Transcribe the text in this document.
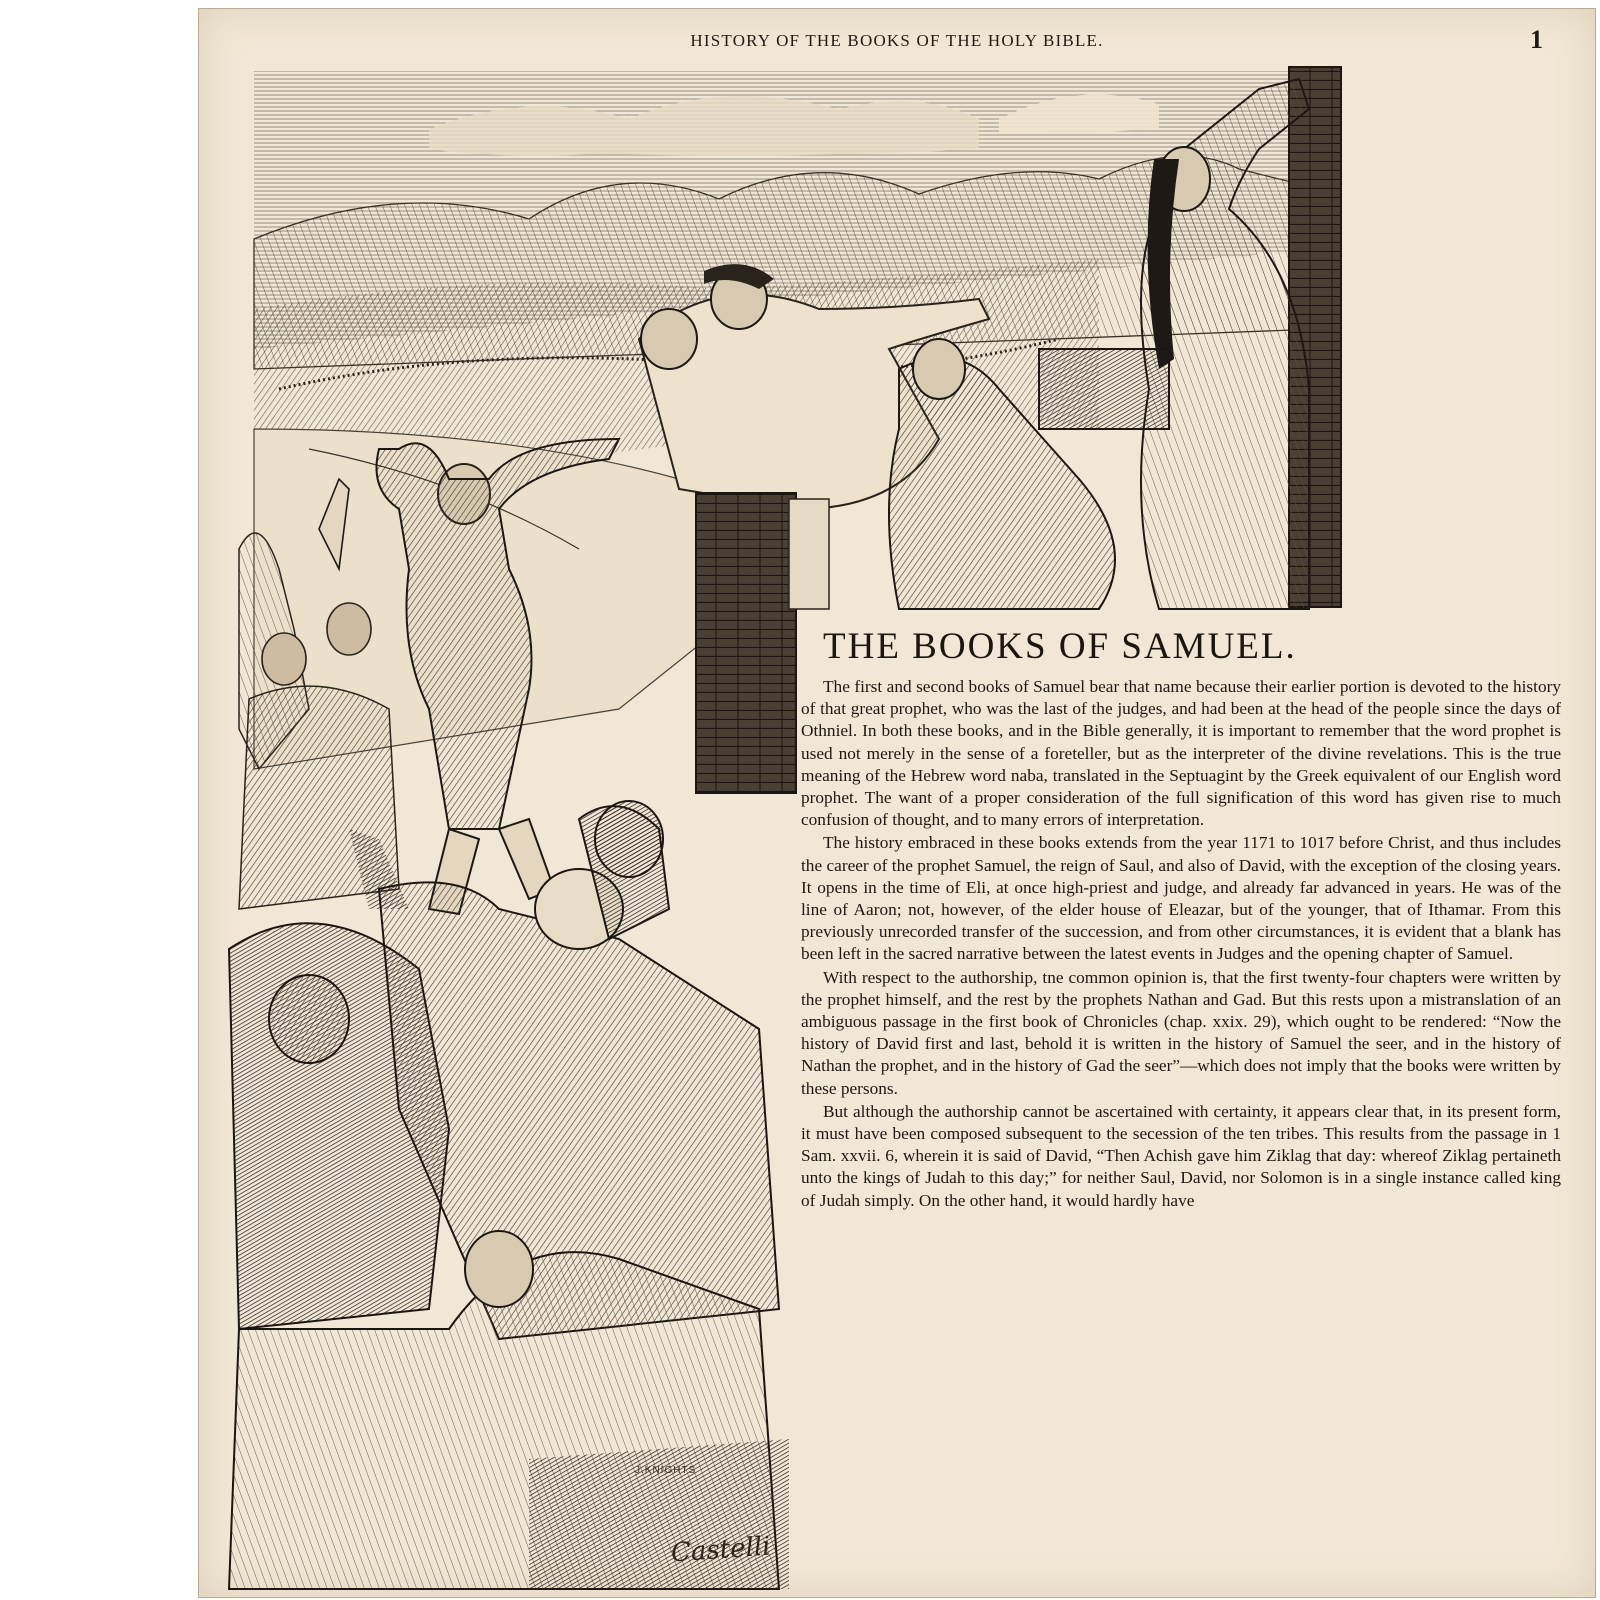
HISTORY OF THE BOOKS OF THE HOLY BIBLE.	1
J.KNIGHTS
Castelli
THE BOOKS OF SAMUEL.

The first and second books of Samuel bear that name because their earlier portion is devoted to the history of that great prophet, who was the last of the judges, and had been at the head of the people since the days of Othniel. In both these books, and in the Bible generally, it is important to remember that the word prophet is used not merely in the sense of a foreteller, but as the interpreter of the divine revelations. This is the true meaning of the Hebrew word naba, translated in the Septuagint by the Greek equivalent of our English word prophet. The want of a proper consideration of the full signification of this word has given rise to much confusion of thought, and to many errors of interpretation.

The history embraced in these books extends from the year 1171 to 1017 before Christ, and thus includes the career of the prophet Samuel, the reign of Saul, and also of David, with the exception of the closing years. It opens in the time of Eli, at once high-priest and judge, and already far advanced in years. He was of the line of Aaron; not, however, of the elder house of Eleazar, but of the younger, that of Ithamar. From this previously unrecorded transfer of the succession, and from other circumstances, it is evident that a blank has been left in the sacred narrative between the latest events in Judges and the opening chapter of Samuel.

With respect to the authorship, tne common opinion is, that the first twenty-four chapters were written by the prophet himself, and the rest by the prophets Nathan and Gad. But this rests upon a mistranslation of an ambiguous passage in the first book of Chronicles (chap. xxix. 29), which ought to be rendered: “Now the history of David first and last, behold it is written in the history of Samuel the seer, and in the history of Nathan the prophet, and in the history of Gad the seer”—which does not imply that the books were written by these persons.

But although the authorship cannot be ascertained with certainty, it appears clear that, in its present form, it must have been composed subsequent to the secession of the ten tribes. This results from the passage in 1 Sam. xxvii. 6, wherein it is said of David, “Then Achish gave him Ziklag that day: whereof Ziklag pertaineth unto the kings of Judah to this day;” for neither Saul, David, nor Solomon is in a single instance called king of Judah simply. On the other hand, it would hardly have
